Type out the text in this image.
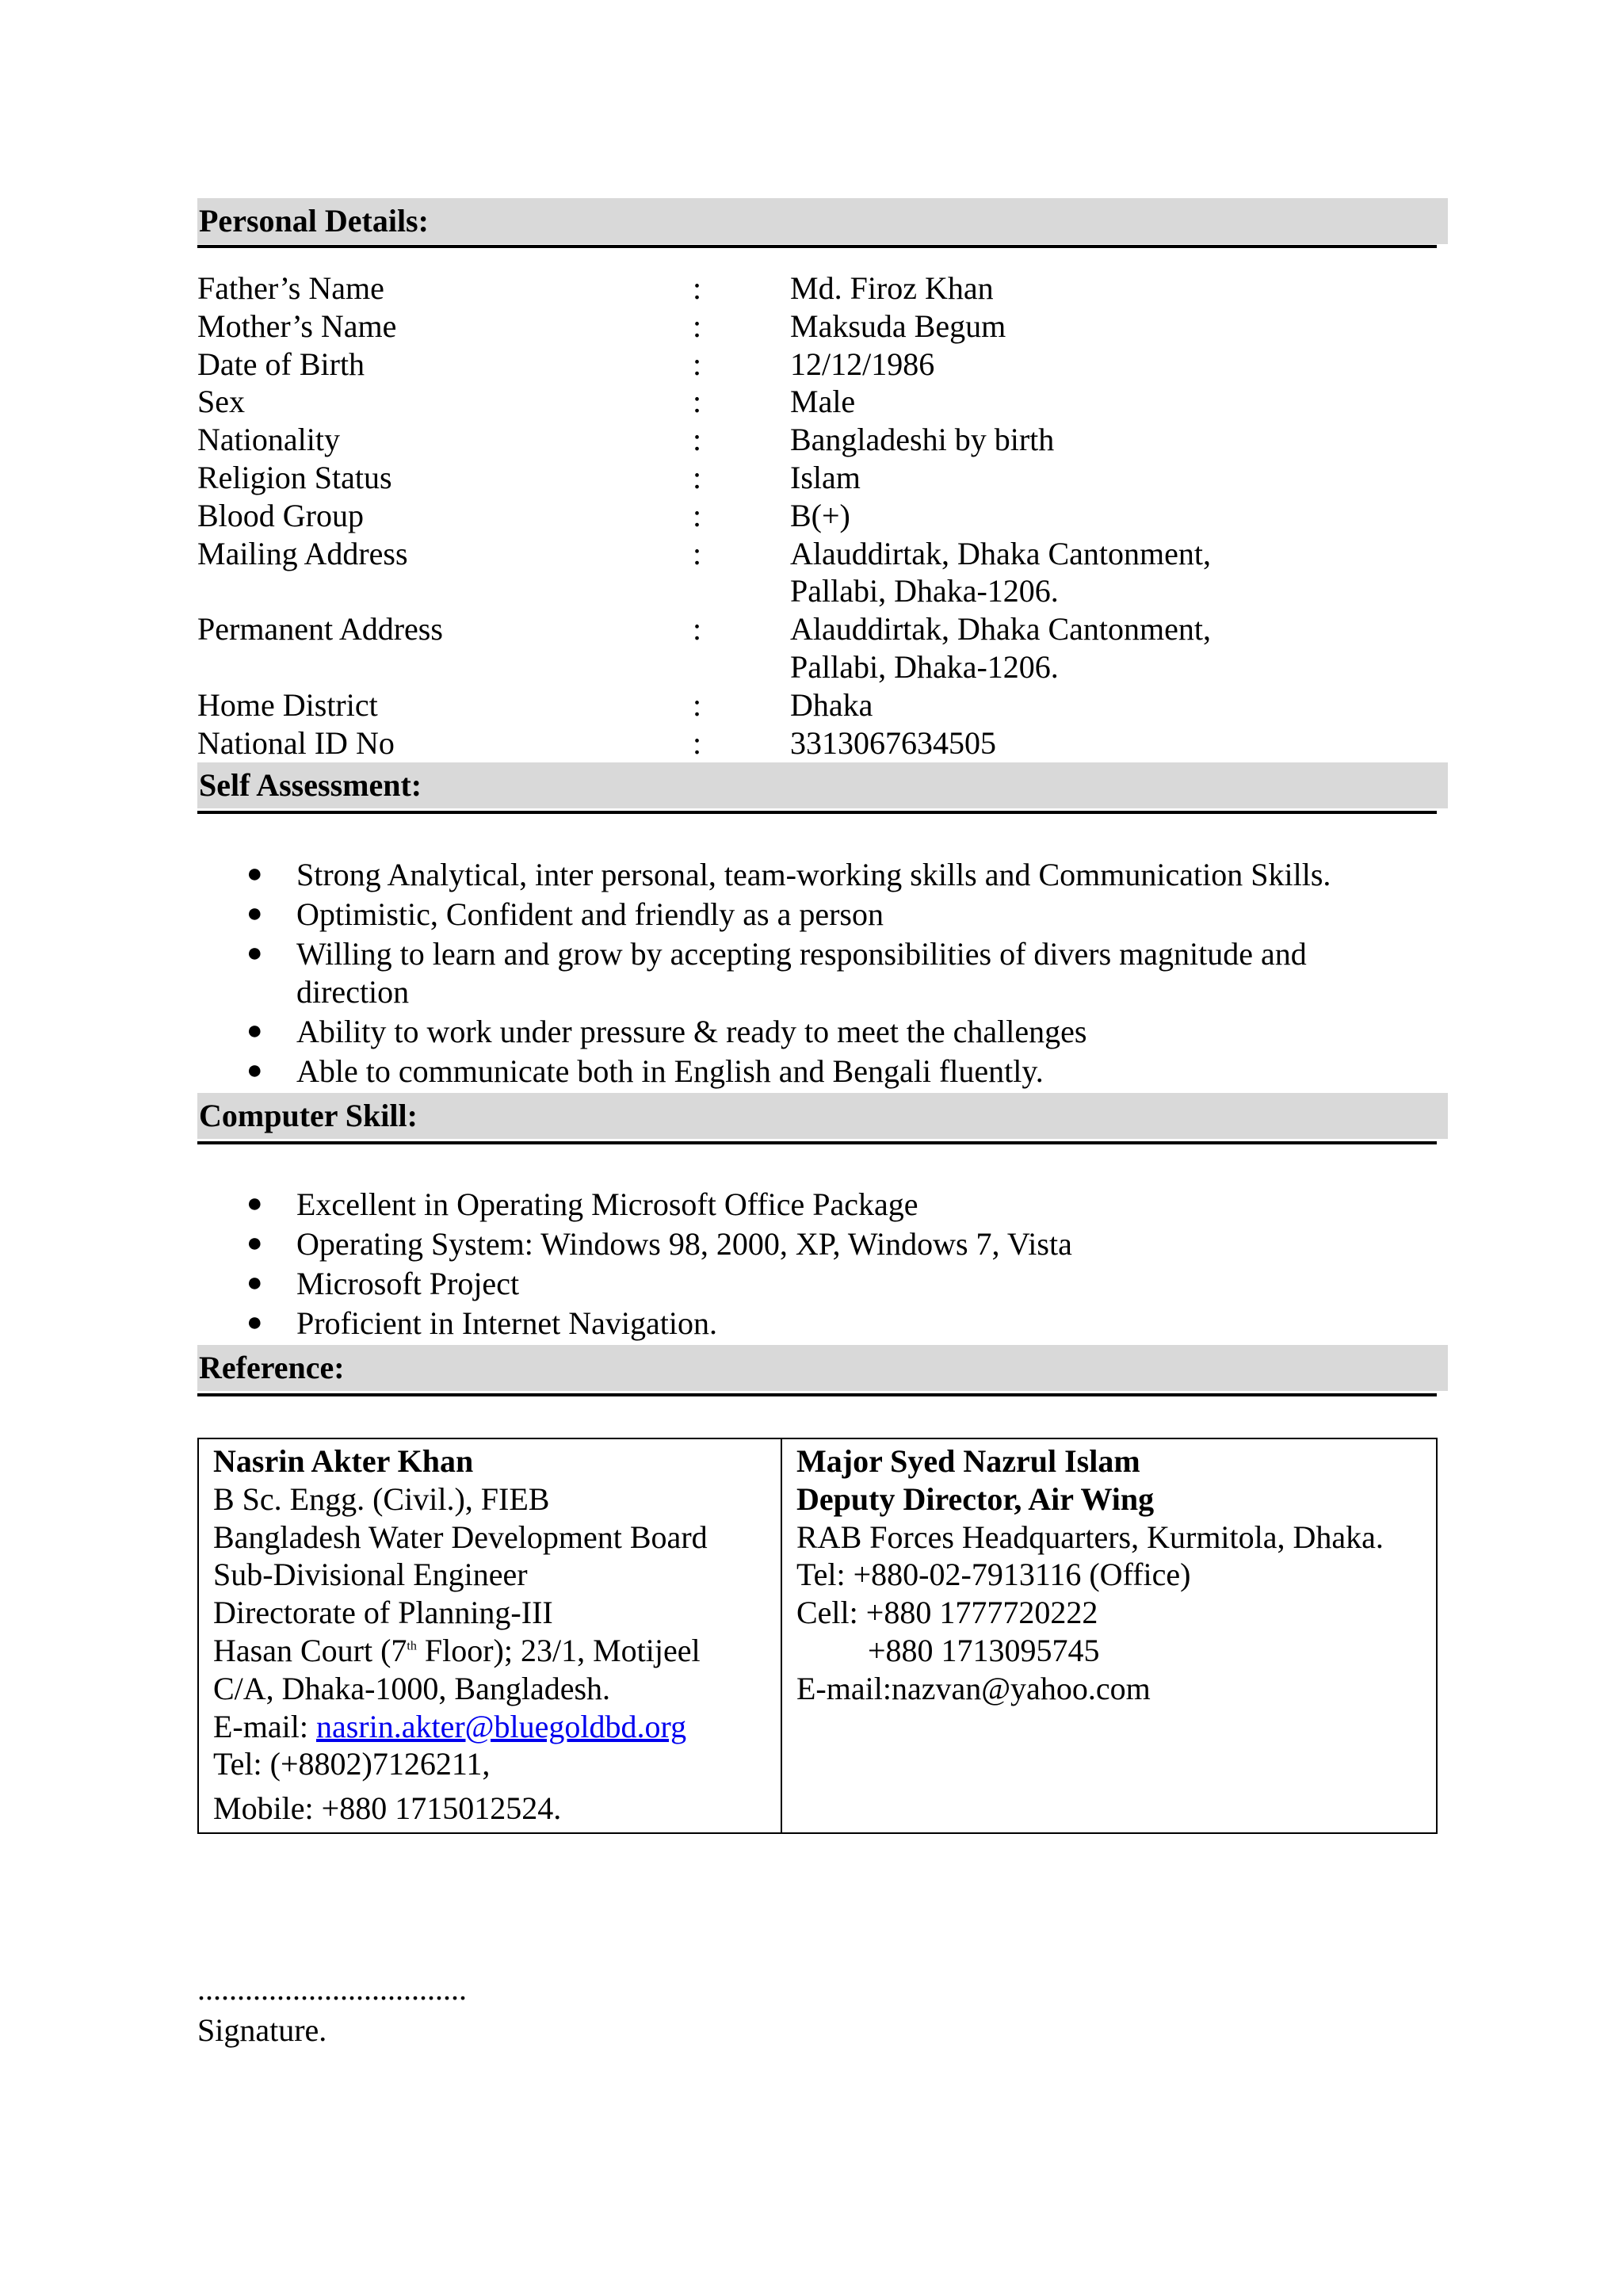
Personal Details:
Father’s Name	:	Md. Firoz Khan
Mother’s Name	:	Maksuda Begum
Date of Birth	:	12/12/1986
Sex	:	Male
Nationality	:	Bangladeshi by birth
Religion Status	:	Islam
Blood Group	:	B(+)
Mailing Address	:	Alauddirtak, Dhaka Cantonment,
Pallabi, Dhaka-1206.
Permanent Address	:	Alauddirtak, Dhaka Cantonment,
Pallabi, Dhaka-1206.
Home District	:	Dhaka
National ID No	:	3313067634505
Self Assessment:
●	Strong Analytical, inter personal, team-working skills and Communication Skills.
●	Optimistic, Confident and friendly as a person
●	Willing to learn and grow by accepting responsibilities of divers magnitude and direction
●	Ability to work under pressure & ready to meet the challenges
●	Able to communicate both in English and Bengali fluently.
Computer Skill:
●	Excellent in Operating Microsoft Office Package
●	Operating System: Windows 98, 2000, XP, Windows 7, Vista
●	Microsoft Project
●	Proficient in Internet Navigation.
Reference:
Nasrin Akter Khan
B Sc. Engg. (Civil.), FIEB
Bangladesh Water Development Board
Sub-Divisional Engineer
Directorate of Planning-III
Hasan Court (7th Floor); 23/1, Motijeel
C/A, Dhaka-1000, Bangladesh.
E-mail: nasrin.akter@bluegoldbd.org
Tel: (+8802)7126211,
Mobile: +880 1715012524.
Major Syed Nazrul Islam
Deputy Director, Air Wing
RAB Forces Headquarters, Kurmitola, Dhaka.
Tel: +880-02-7913116 (Office)
Cell: +880 1777720222
+880 1713095745
E-mail:nazvan@yahoo.com
..................................
Signature.
